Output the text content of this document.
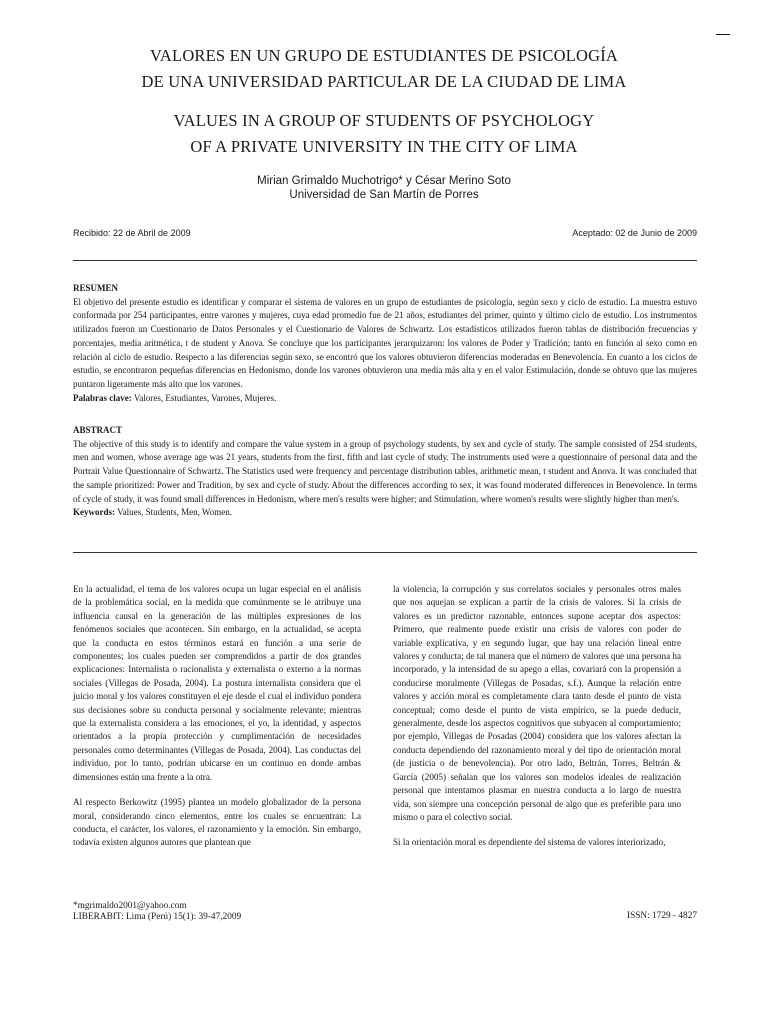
VALORES EN UN GRUPO DE ESTUDIANTES DE PSICOLOGÍA
DE UNA UNIVERSIDAD PARTICULAR DE LA CIUDAD DE LIMA
VALUES IN A GROUP OF STUDENTS OF PSYCHOLOGY
OF A PRIVATE UNIVERSITY IN THE CITY OF LIMA
Mirian Grimaldo Muchotrigo* y César Merino Soto
Universidad de San Martín de Porres
Recibido: 22 de Abril de 2009	Aceptado: 02 de Junio de 2009
RESUMEN
El objetivo del presente estudio es identificar y comparar el sistema de valores en un grupo de estudiantes de psicología, según sexo y ciclo de estudio. La muestra estuvo conformada por 254 participantes, entre varones y mujeres, cuya edad promedio fue de 21 años, estudiantes del primer, quinto y último ciclo de estudio. Los instrumentos utilizados fueron un Cuestionario de Datos Personales y el Cuestionario de Valores de Schwartz. Los estadísticos utilizados fueron tablas de distribución frecuencias y porcentajes, media aritmética, t de student y Anova. Se concluye que los participantes jerarquizaron: los valores de Poder y Tradición; tanto en función al sexo como en relación al ciclo de estudio. Respecto a las diferencias según sexo, se encontró que los valores obtuvieron diferencias moderadas en Benevolencia. En cuanto a los ciclos de estudio, se encontraron pequeñas diferencias en Hedonismo, donde los varones obtuvieron una media más alta y en el valor Estimulación, donde se obtuvo que las mujeres puntaron ligeramente más alto que los varones.
Palabras clave: Valores, Estudiantes, Varones, Mujeres.
ABSTRACT
The objective of this study is to identify and compare the value system in a group of psychology students, by sex and cycle of study. The sample consisted of 254 students, men and women, whose average age was 21 years, students from the first, fifth and last cycle of study. The instruments used were a questionnaire of personal data and the Portrait Value Questionnaire of Schwartz. The Statistics used were frequency and percentage distribution tables, arithmetic mean, t student and Anova. It was concluded that the sample prioritized: Power and Tradition, by sex and cycle of study. About the differences according to sex, it was found moderated differences in Benevolence. In terms of cycle of study, it was found small differences in Hedonism, where men's results were higher; and Stimulation, where women's results were slightly higher than men's.
Keywords: Values, Students, Men, Women.

En la actualidad, el tema de los valores ocupa un lugar especial en el análisis de la problemática social, en la medida que comúnmente se le atribuye una influencia causal en la generación de las múltiples expresiones de los fenómenos sociales que acontecen. Sin embargo, en la actualidad, se acepta que la conducta en estos términos estará en función a una serie de componentes; los cuales pueden ser comprendidos a partir de dos grandes explicaciones: Internalista o racionalista y externalista o externo a la normas sociales (Villegas de Posada, 2004). La postura internalista considera que el juicio moral y los valores constituyen el eje desde el cual el individuo pondera sus decisiones sobre su conducta personal y socialmente relevante; mientras que la externalista considera a las emociones, el yo, la identidad, y aspectos orientados a la propia protección y cumplimentación de necesidades personales como determinantes (Villegas de Posada, 2004). Las conductas del individuo, por lo tanto, podrían ubicarse en un continuo en donde ambas dimensiones están una frente a la otra.

Al respecto Berkowitz (1995) plantea un modelo globalizador de la persona moral, considerando cinco elementos, entre los cuales se encuentran: La conducta, el carácter, los valores, el razonamiento y la emoción. Sin embargo, todavía existen algunos autores que plantean que

la violencia, la corrupción y sus correlatos sociales y personales otros males que nos aquejan se explican a partir de la crisis de valores. Si la crisis de valores es un predictor razonable, entonces supone aceptar dos aspectos: Primero, que realmente puede existir una crisis de valores con poder de variable explicativa, y en segundo lugar, que hay una relación lineal entre valores y conducta; de tal manera que el número de valores que una persona ha incorporado, y la intensidad de su apego a ellas, covariará con la propensión a conducirse moralmente (Villegas de Posadas, s.f.). Aunque la relación entre valores y acción moral es completamente clara tanto desde el punto de vista conceptual; como desde el punto de vista empírico, se la puede deducir, generalmente, desde los aspectos cognitivos que subyacen al comportamiento; por ejemplo, Villegas de Posadas (2004) considera que los valores afectan la conducta dependiendo del razonamiento moral y del tipo de orientación moral (de justicia o de benevolencia). Por otro lado, Beltrán, Torres, Beltrán & García (2005) señalan que los valores son modelos ideales de realización personal que intentamos plasmar en nuestra conducta a lo largo de nuestra vida, son siempre una concepción personal de algo que es preferible para uno mismo o para el colectivo social.

Si la orientación moral es dependiente del sistema de valores interiorizado,

*mgrimaldo2001@yahoo.com
LIBERABIT: Lima (Perú) 15(1): 39-47,2009	ISSN: 1729 - 4827
